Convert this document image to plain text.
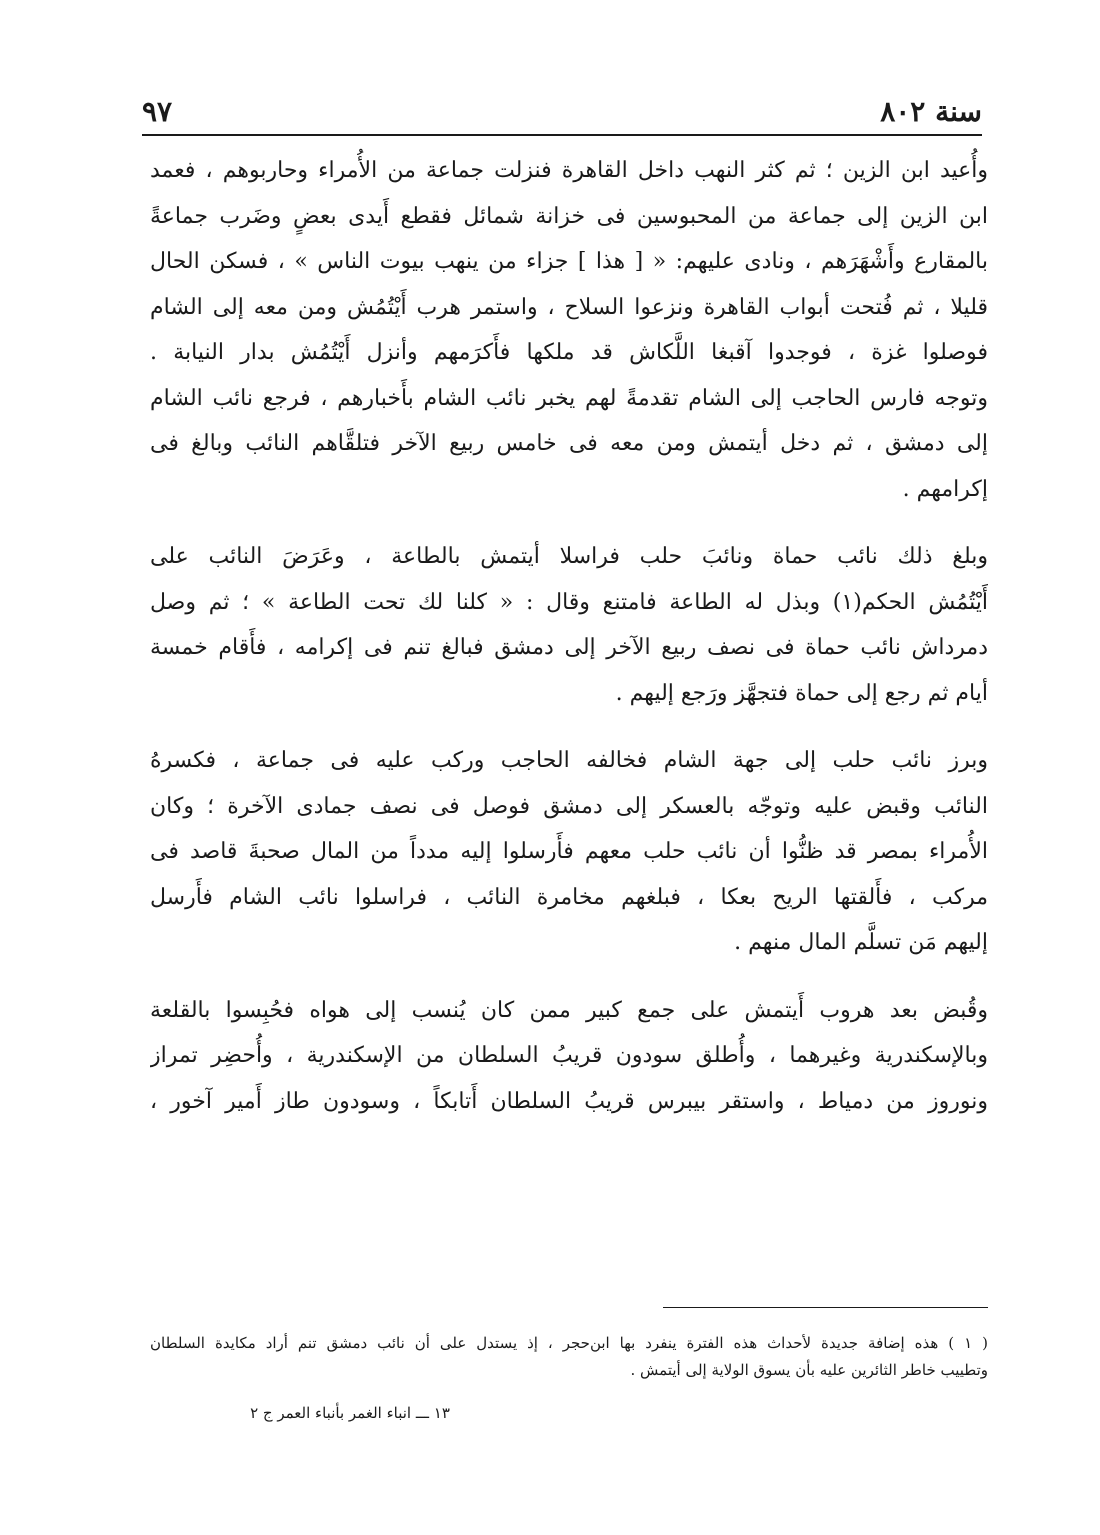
سنة ٨٠٢
٩٧
وأُعيد ابن الزين ؛ ثم كثر النهب داخل القاهرة فنزلت جماعة من الأُمراء وحاربوهم ، فعمد
ابن الزين إلى جماعة من المحبوسين فى خزانة شمائل فقطع أَيدى بعضٍ وضَرب جماعةً
بالمقارع وأَشْهَرَهم ، ونادى عليهم: « [ هذا ] جزاء من ينهب بيوت الناس » ، فسكن الحال
قليلا ، ثم فُتحت أبواب القاهرة ونزعوا السلاح ، واستمر هرب أَيْتُمُش ومن معه إلى الشام
فوصلوا غزة ، فوجدوا آقبغا اللَّكاش قد ملكها فأَكرَمهم وأنزل أَيْتُمُش بدار النيابة .
وتوجه فارس الحاجب إلى الشام تقدمةً لهم يخبر نائب الشام بأَخبارهم ، فرجع نائب الشام
إلى دمشق ، ثم دخل أيتمش ومن معه فى خامس ربيع الآخر فتلقَّاهم النائب وبالغ فى
إكرامهم .
وبلغ ذلك نائب حماة ونائبَ حلب فراسلا أيتمش بالطاعة ، وعَرَضَ النائب على
أَيْتُمُش الحكم(١) وبذل له الطاعة فامتنع وقال : « كلنا لك تحت الطاعة » ؛ ثم وصل
دمرداش نائب حماة فى نصف ربيع الآخر إلى دمشق فبالغ تنم فى إكرامه ، فأَقام خمسة
أيام ثم رجع إلى حماة فتجهَّز ورَجع إليهم .
وبرز نائب حلب إلى جهة الشام فخالفه الحاجب وركب عليه فى جماعة ، فكسرهُ
النائب وقبض عليه وتوجّه بالعسكر إلى دمشق فوصل فى نصف جمادى الآخرة ؛ وكان
الأُمراء بمصر قد ظنُّوا أن نائب حلب معهم فأَرسلوا إليه مدداً من المال صحبةَ قاصد فى
مركب ، فأَلقتها الريح بعكا ، فبلغهم مخامرة النائب ، فراسلوا نائب الشام فأَرسل
إليهم مَن تسلَّم المال منهم .
وقُبض بعد هروب أَيتمش على جمع كبير ممن كان يُنسب إلى هواه فحُبِسوا بالقلعة
وبالإسكندرية وغيرهما ، وأُطلق سودون قريبُ السلطان من الإسكندرية ، وأُحضِر تمراز
ونوروز من دمياط ، واستقر بيبرس قريبُ السلطان أَتابكاً ، وسودون طاز أَمير آخور ،
( ١ ) هذه إضافة جديدة لأحداث هذه الفترة ينفرد بها ابن‌حجر ، إذ يستدل على أن نائب دمشق تنم أراد مكايدة السلطان
وتطييب خاطر الثائرين عليه بأن يسوق الولاية إلى أيتمش .
١٣ ـــ انباء الغمر بأنباء العمر ج ٢
